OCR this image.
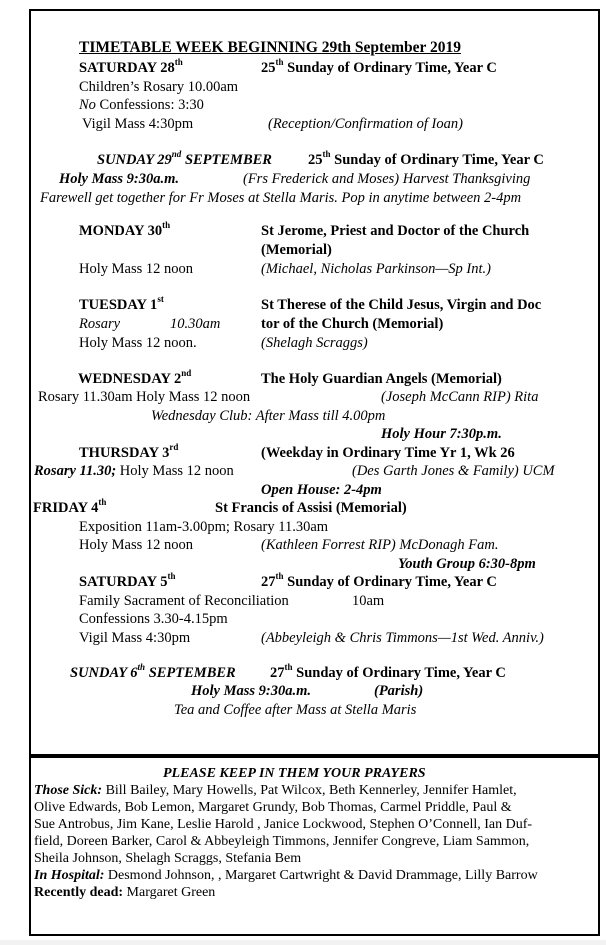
TIMETABLE WEEK BEGINNING 29th September 2019
SATURDAY 28th	25th Sunday of Ordinary Time, Year C
Children’s Rosary 10.00am
No Confessions: 3:30
Vigil Mass 4:30pm	(Reception/Confirmation of Ioan)
SUNDAY 29nd SEPTEMBER 25th Sunday of Ordinary Time, Year C
Holy Mass 9:30a.m.	(Frs Frederick and Moses) Harvest Thanksgiving
Farewell get together for Fr Moses at Stella Maris. Pop in anytime between 2-4pm
MONDAY 30th	St Jerome, Priest and Doctor of the Church
(Memorial)
Holy Mass 12 noon	(Michael, Nicholas Parkinson—Sp Int.)
TUESDAY 1st	St Therese of the Child Jesus, Virgin and Doc
tor of the Church (Memorial)
Rosary	10.30am
Holy Mass 12 noon.	(Shelagh Scraggs)
WEDNESDAY 2nd	The Holy Guardian Angels (Memorial)
Rosary 11.30am Holy Mass 12 noon	(Joseph McCann RIP) Rita
Wednesday Club: After Mass till 4.00pm
Holy Hour 7:30p.m.
THURSDAY 3rd	(Weekday in Ordinary Time Yr 1, Wk 26
Rosary 11.30; Holy Mass 12 noon	(Des Garth Jones & Family) UCM
Open House: 2-4pm
FRIDAY 4th	St Francis of Assisi (Memorial)
Exposition 11am-3.00pm; Rosary 11.30am
Holy Mass 12 noon	(Kathleen Forrest RIP) McDonagh Fam.
Youth Group 6:30-8pm
SATURDAY 5th	27th Sunday of Ordinary Time, Year C
Family Sacrament of Reconciliation	10am
Confessions 3.30-4.15pm
Vigil Mass 4:30pm	(Abbeyleigh & Chris Timmons—1st Wed. Anniv.)
SUNDAY 6th SEPTEMBER 27th Sunday of Ordinary Time, Year C
Holy Mass 9:30a.m.	(Parish)
Tea and Coffee after Mass at Stella Maris
PLEASE KEEP IN THEM YOUR PRAYERS
Those Sick: Bill Bailey, Mary Howells, Pat Wilcox, Beth Kennerley, Jennifer Hamlet,
Olive Edwards, Bob Lemon, Margaret Grundy, Bob Thomas, Carmel Priddle, Paul &
Sue Antrobus, Jim Kane, Leslie Harold , Janice Lockwood, Stephen O’Connell, Ian Duf-
field, Doreen Barker, Carol & Abbeyleigh Timmons, Jennifer Congreve, Liam Sammon,
Sheila Johnson, Shelagh Scraggs, Stefania Bem
In Hospital: Desmond Johnson, , Margaret Cartwright & David Drammage, Lilly Barrow
Recently dead: Margaret Green
